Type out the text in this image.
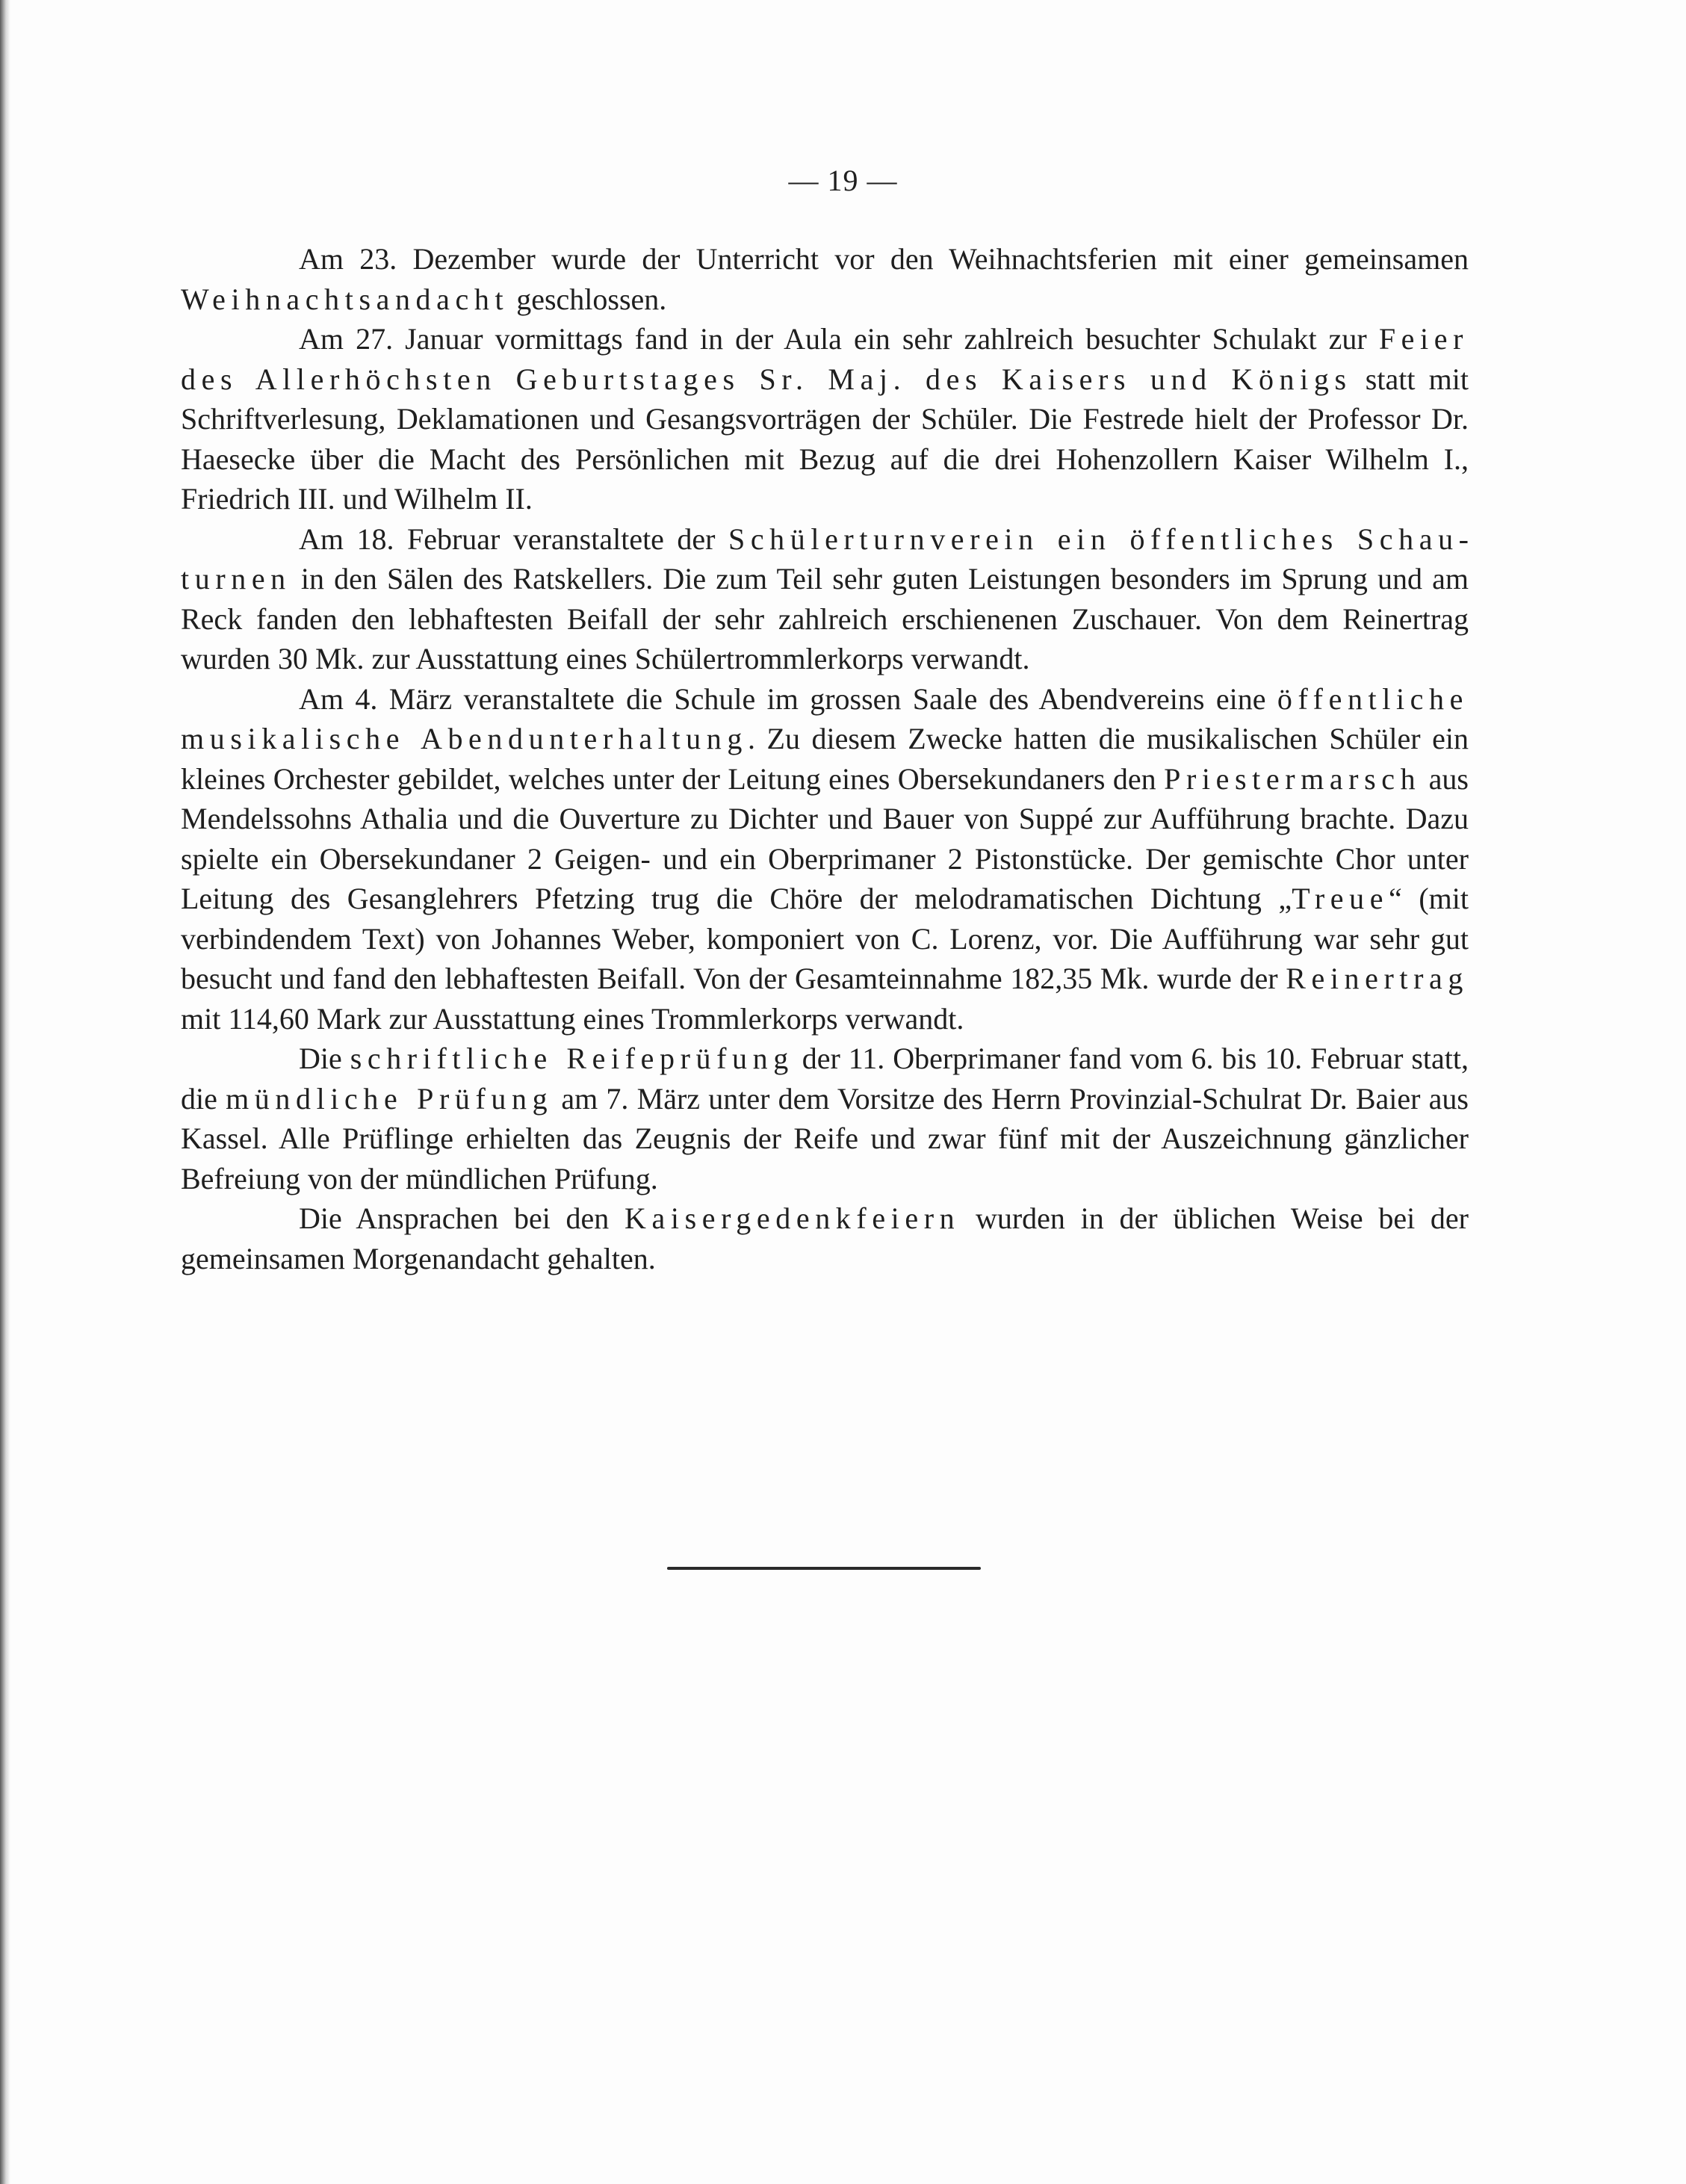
— 19 —

Am 23. Dezember wurde der Unterricht vor den Weihnachtsferien mit einer gemeinsamen Weihnachtsandacht geschlossen.

Am 27. Januar vormittags fand in der Aula ein sehr zahlreich besuchter Schulakt zur Feier des Allerhöchsten Geburtstages Sr. Maj. des Kaisers und Königs statt mit Schriftverlesung, Deklamationen und Gesangsvorträgen der Schüler. Die Festrede hielt der Professor Dr. Haesecke über die Macht des Persönlichen mit Bezug auf die drei Hohenzollern Kaiser Wilhelm I., Friedrich III. und Wilhelm II.

Am 18. Februar veranstaltete der Schülerturnverein ein öffentliches Schauturnen in den Sälen des Ratskellers. Die zum Teil sehr guten Leistungen besonders im Sprung und am Reck fanden den lebhaftesten Beifall der sehr zahlreich erschienenen Zuschauer. Von dem Reinertrag wurden 30 Mk. zur Ausstattung eines Schülertrommlerkorps verwandt.

Am 4. März veranstaltete die Schule im grossen Saale des Abendvereins eine öffentliche musikalische Abendunterhaltung. Zu diesem Zwecke hatten die musikalischen Schüler ein kleines Orchester gebildet, welches unter der Leitung eines Obersekundaners den Priestermarsch aus Mendelssohns Athalia und die Ouverture zu Dichter und Bauer von Suppé zur Aufführung brachte. Dazu spielte ein Obersekundaner 2 Geigen- und ein Oberprimaner 2 Pistonstücke. Der gemischte Chor unter Leitung des Gesanglehrers Pfetzing trug die Chöre der melodramatischen Dichtung „Treue“ (mit verbindendem Text) von Johannes Weber, komponiert von C. Lorenz, vor. Die Aufführung war sehr gut besucht und fand den lebhaftesten Beifall. Von der Gesamteinnahme 182,35 Mk. wurde der Reinertrag mit 114,60 Mark zur Ausstattung eines Trommlerkorps verwandt.

Die schriftliche Reifeprüfung der 11. Oberprimaner fand vom 6. bis 10. Februar statt, die mündliche Prüfung am 7. März unter dem Vorsitze des Herrn Provinzial-Schulrat Dr. Baier aus Kassel. Alle Prüflinge erhielten das Zeugnis der Reife und zwar fünf mit der Auszeichnung gänzlicher Befreiung von der mündlichen Prüfung.

Die Ansprachen bei den Kaisergedenkfeiern wurden in der üblichen Weise bei der gemeinsamen Morgenandacht gehalten.
